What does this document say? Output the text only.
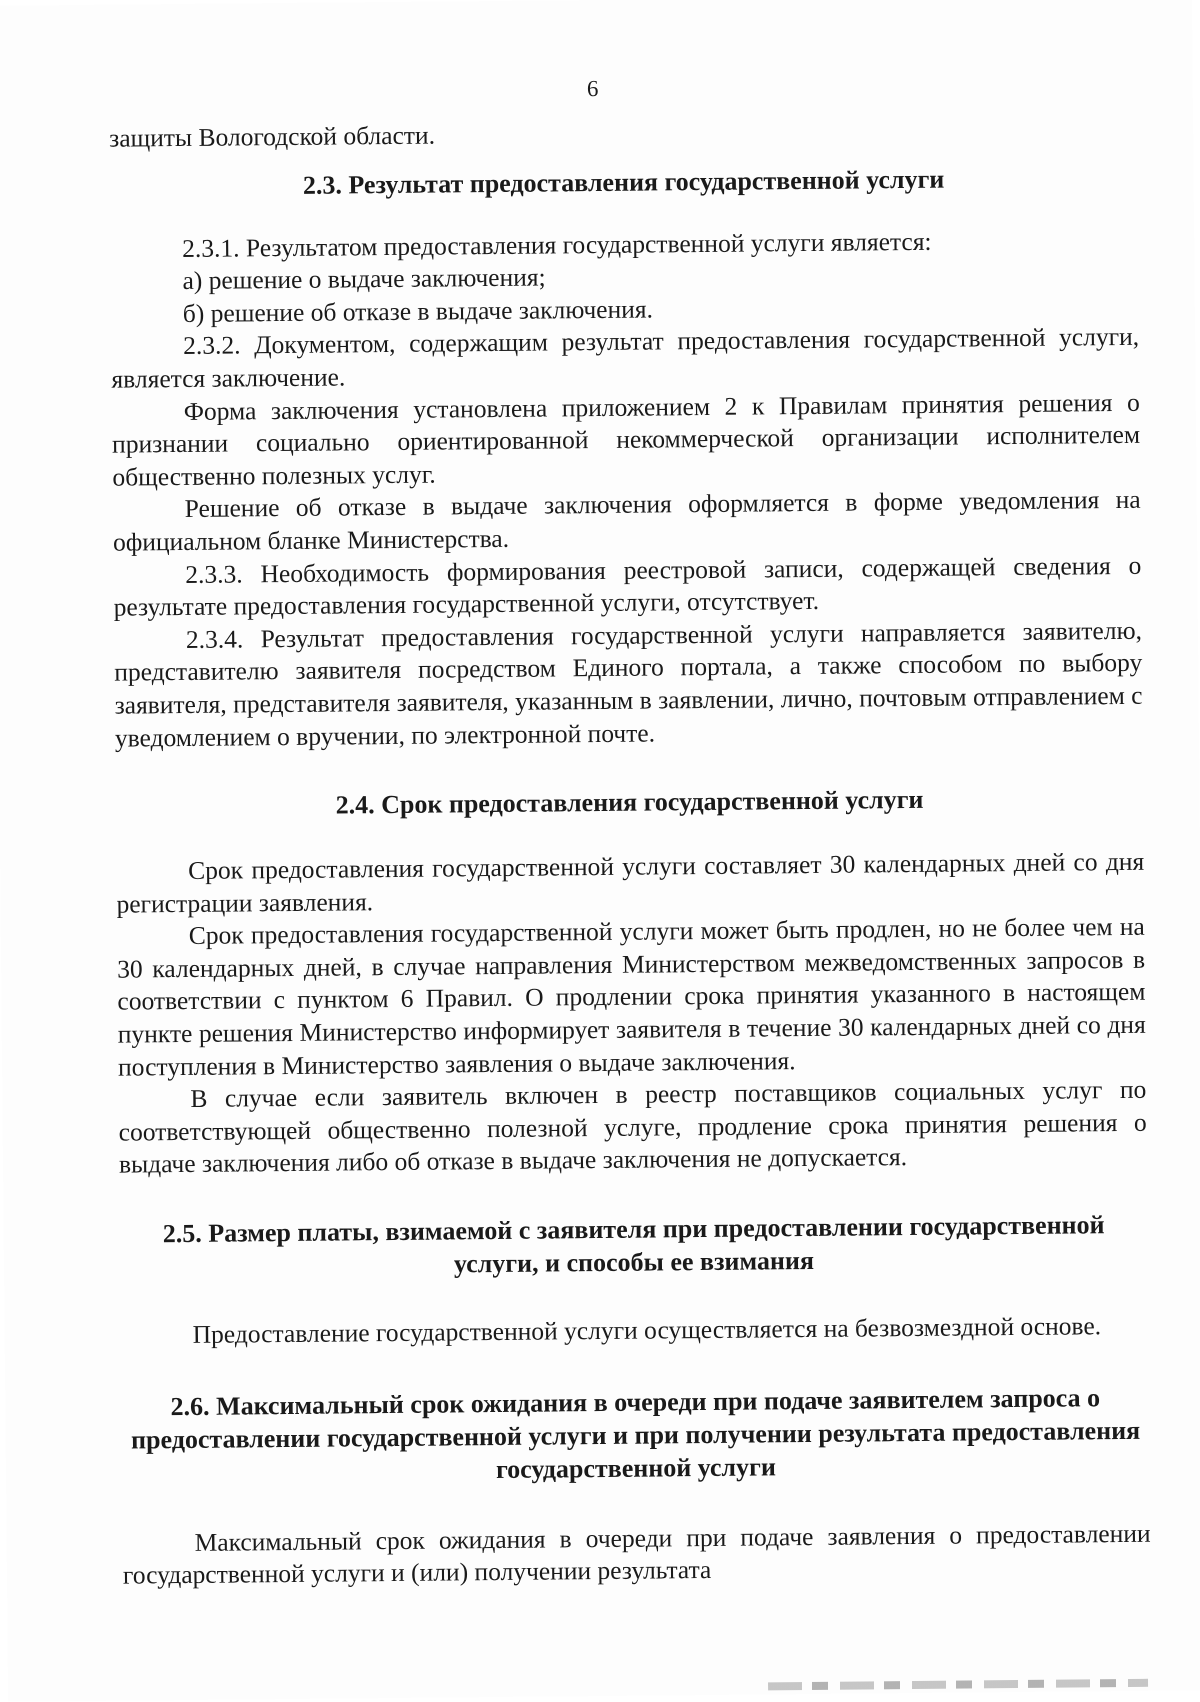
6

защиты Вологодской области.

2.3. Результат предоставления государственной услуги

2.3.1. Результатом предоставления государственной услуги является:

а) решение о выдаче заключения;

б) решение об отказе в выдаче заключения.

2.3.2. Документом, содержащим результат предоставления государственной услуги, является заключение.

Форма заключения установлена приложением 2 к Правилам принятия решения о признании социально ориентированной некоммерческой организации исполнителем общественно полезных услуг.

Решение об отказе в выдаче заключения оформляется в форме уведомления на официальном бланке Министерства.

2.3.3. Необходимость формирования реестровой записи, содержащей сведения о результате предоставления государственной услуги, отсутствует.

2.3.4. Результат предоставления государственной услуги направляется заявителю, представителю заявителя посредством Единого портала, а также способом по выбору заявителя, представителя заявителя, указанным в заявлении, лично, почтовым отправлением с уведомлением о вручении, по электронной почте.

2.4. Срок предоставления государственной услуги

Срок предоставления государственной услуги составляет 30 календарных дней со дня регистрации заявления.

Срок предоставления государственной услуги может быть продлен, но не более чем на 30 календарных дней, в случае направления Министерством межведомственных запросов в соответствии с пунктом 6 Правил. О продлении срока принятия указанного в настоящем пункте решения Министерство информирует заявителя в течение 30 календарных дней со дня поступления в Министерство заявления о выдаче заключения.

В случае если заявитель включен в реестр поставщиков социальных услуг по соответствующей общественно полезной услуге, продление срока принятия решения о выдаче заключения либо об отказе в выдаче заключения не допускается.

2.5. Размер платы, взимаемой с заявителя при предоставлении государственной услуги, и способы ее взимания

Предоставление государственной услуги осуществляется на безвозмездной основе.

2.6. Максимальный срок ожидания в очереди при подаче заявителем запроса о предоставлении государственной услуги и при получении результата предоставления государственной услуги

Максимальный срок ожидания в очереди при подаче заявления о предоставлении государственной услуги и (или) получении результата
